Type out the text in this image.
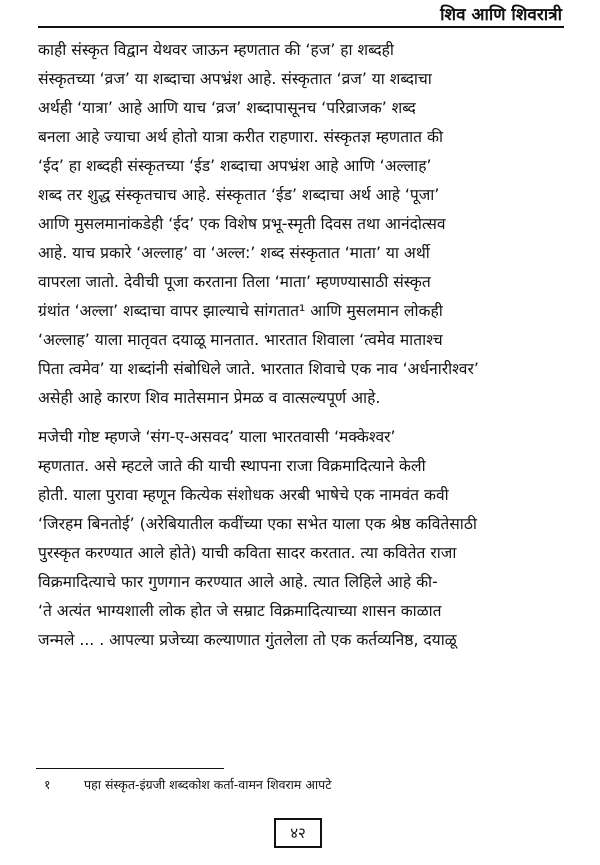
शिव आणि शिवरात्री
काही संस्कृत विद्वान येथवर जाऊन म्हणतात की ‘हज’ हा शब्दही
संस्कृतच्या ‘व्रज’ या शब्दाचा अपभ्रंश आहे. संस्कृतात ‘व्रज’ या शब्दाचा
अर्थही ‘यात्रा’ आहे आणि याच ‘व्रज’ शब्दापासूनच ‘परिव्राजक’ शब्द
बनला आहे ज्याचा अर्थ होतो यात्रा करीत राहणारा. संस्कृतज्ञ म्हणतात की
‘ईद’ हा शब्दही संस्कृतच्या ‘ईड’ शब्दाचा अपभ्रंश आहे आणि ‘अल्लाह’
शब्द तर शुद्ध संस्कृतचाच आहे. संस्कृतात ‘ईड’ शब्दाचा अर्थ आहे ‘पूजा’
आणि मुसलमानांकडेही ‘ईद’ एक विशेष प्रभू-स्मृती दिवस तथा आनंदोत्सव
आहे. याच प्रकारे ‘अल्लाह’ वा ‘अल्ल:’ शब्द संस्कृतात ‘माता’ या अर्थी
वापरला जातो. देवीची पूजा करताना तिला ‘माता’ म्हणण्यासाठी संस्कृत
ग्रंथांत ‘अल्ला’ शब्दाचा वापर झाल्याचे सांगतात¹ आणि मुसलमान लोकही
‘अल्लाह’ याला मातृवत दयाळू मानतात. भारतात शिवाला ‘त्वमेव माताश्च
पिता त्वमेव’ या शब्दांनी संबोधिले जाते. भारतात शिवाचे एक नाव ‘अर्धनारीश्वर’
असेही आहे कारण शिव मातेसमान प्रेमळ व वात्सल्यपूर्ण आहे.
मजेची गोष्ट म्हणजे ‘संग-ए-असवद’ याला भारतवासी ‘मक्केश्वर’
म्हणतात. असे म्हटले जाते की याची स्थापना राजा विक्रमादित्याने केली
होती. याला पुरावा म्हणून कित्येक संशोधक अरबी भाषेचे एक नामवंत कवी
‘जिरहम बिनतोई’ (अरेबियातील कवींच्या एका सभेत याला एक श्रेष्ठ कवितेसाठी
पुरस्कृत करण्यात आले होते) याची कविता सादर करतात. त्या कवितेत राजा
विक्रमादित्याचे फार गुणगान करण्यात आले आहे. त्यात लिहिले आहे की-
‘ते अत्यंत भाग्यशाली लोक होत जे सम्राट विक्रमादित्याच्या शासन काळात
जन्मले ... . आपल्या प्रजेच्या कल्याणात गुंतलेला तो एक कर्तव्यनिष्ठ, दयाळू
१	पहा संस्कृत-इंग्रजी शब्दकोश कर्ता-वामन शिवराम आपटे
४२
